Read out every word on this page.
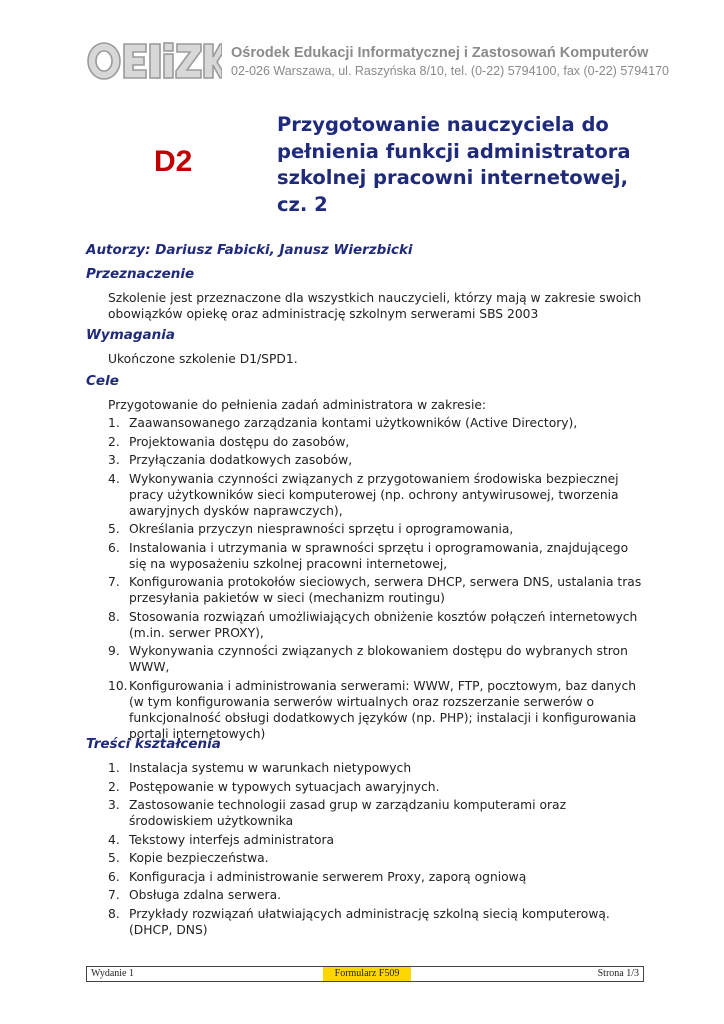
Ośrodek Edukacji Informatycznej i Zastosowań Komputerów
02-026 Warszawa, ul. Raszyńska 8/10, tel. (0-22) 5794100, fax (0-22) 5794170
D2
Przygotowanie nauczyciela do pełnienia funkcji administratora szkolnej pracowni internetowej, cz. 2
Autorzy: Dariusz Fabicki, Janusz Wierzbicki
Przeznaczenie

Szkolenie jest przeznaczone dla wszystkich nauczycieli, którzy mają w zakresie swoich obowiązków opiekę oraz administrację szkolnym serwerami SBS 2003

Wymagania

Ukończone szkolenie D1/SPD1.

Cele

Przygotowanie do pełnienia zadań administratora w zakresie:

1. Zaawansowanego zarządzania kontami użytkowników (Active Directory),
2. Projektowania dostępu do zasobów,
3. Przyłączania dodatkowych zasobów,
4. Wykonywania czynności związanych z przygotowaniem środowiska bezpiecznej pracy użytkowników sieci komputerowej (np. ochrony antywirusowej, tworzenia awaryjnych dysków naprawczych),
5. Określania przyczyn niesprawności sprzętu i oprogramowania,
6. Instalowania i utrzymania w sprawności sprzętu i oprogramowania, znajdującego się na wyposażeniu szkolnej pracowni internetowej,
7. Konfigurowania protokołów sieciowych, serwera DHCP, serwera DNS, ustalania tras przesyłania pakietów w sieci (mechanizm routingu)
8. Stosowania rozwiązań umożliwiających obniżenie kosztów połączeń internetowych (m.in. serwer PROXY),
9. Wykonywania czynności związanych z blokowaniem dostępu do wybranych stron WWW,
10. Konfigurowania i administrowania serwerami: WWW, FTP, pocztowym, baz danych (w tym konfigurowania serwerów wirtualnych oraz rozszerzanie serwerów o funkcjonalność obsługi dodatkowych języków (np. PHP); instalacji i konfigurowania portali internetowych)
Treści kształcenia
1. Instalacja systemu w warunkach nietypowych
2. Postępowanie w typowych sytuacjach awaryjnych.
3. Zastosowanie technologii zasad grup w zarządzaniu komputerami oraz środowiskiem użytkownika
4. Tekstowy interfejs administratora
5. Kopie bezpieczeństwa.
6. Konfiguracja i administrowanie serwerem Proxy, zaporą ogniową
7. Obsługa zdalna serwera.
8. Przykłady rozwiązań ułatwiających administrację szkolną siecią komputerową. (DHCP, DNS)
Wydanie 1	Formularz F509	Strona 1/3
